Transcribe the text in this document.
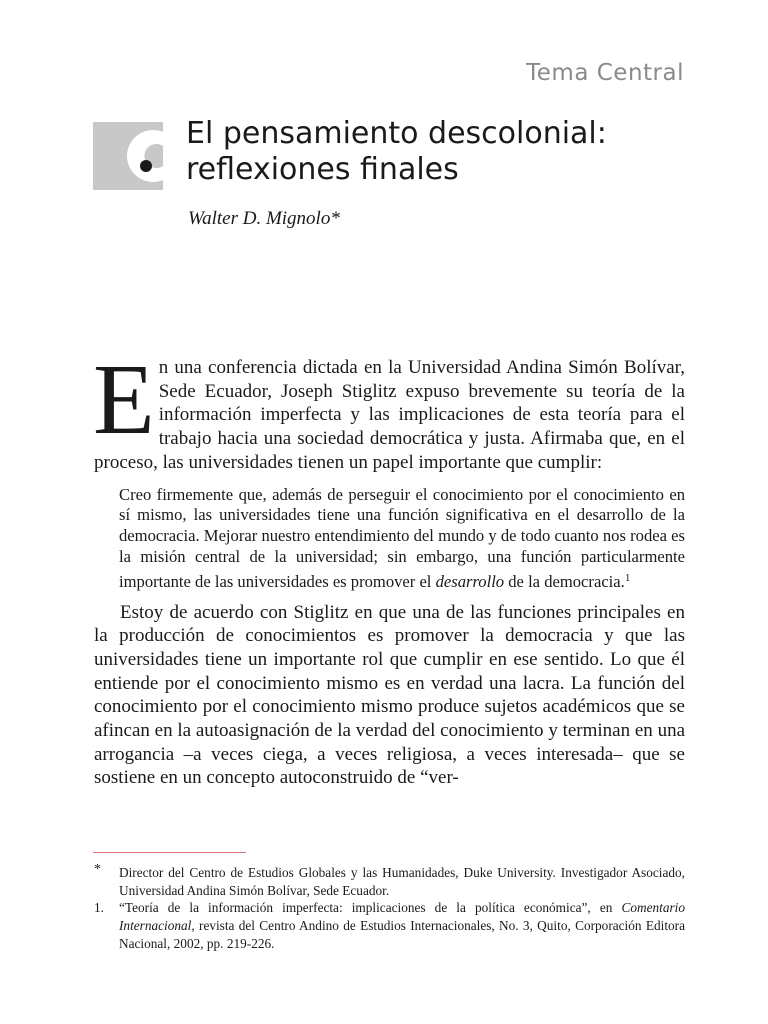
Tema Central
El pensamiento descolonial:
reflexiones finales
Walter D. Mignolo*

En una conferencia dictada en la Universidad Andina Simón Bolívar, Sede Ecuador, Joseph Stiglitz expuso brevemente su teoría de la información imperfecta y las implicaciones de esta teoría para el trabajo hacia una sociedad democrática y justa. Afirmaba que, en el proceso, las universidades tienen un papel importante que cumplir:

Creo firmemente que, además de perseguir el conocimiento por el conocimiento en sí mismo, las universidades tiene una función significativa en el desarrollo de la democracia. Mejorar nuestro entendimiento del mundo y de todo cuanto nos rodea es la misión central de la universidad; sin embargo, una función particularmente importante de las universidades es promover el desarrollo de la democracia.$^1$

Estoy de acuerdo con Stiglitz en que una de las funciones principales en la producción de conocimientos es promover la democracia y que las universidades tiene un importante rol que cumplir en ese sentido. Lo que él entiende por el conocimiento mismo es en verdad una lacra. La función del conocimiento por el conocimiento mismo produce sujetos académicos que se afincan en la autoasignación de la verdad del conocimiento y terminan en una arrogancia –a veces ciega, a veces religiosa, a veces interesada– que se sostiene en un concepto autoconstruido de “ver-

* Director del Centro de Estudios Globales y las Humanidades, Duke University. Investigador Asociado, Universidad Andina Simón Bolívar, Sede Ecuador.

1. “Teoría de la información imperfecta: implicaciones de la política económica”, en Comentario Internacional, revista del Centro Andino de Estudios Internacionales, No. 3, Quito, Corporación Editora Nacional, 2002, pp. 219-226.
